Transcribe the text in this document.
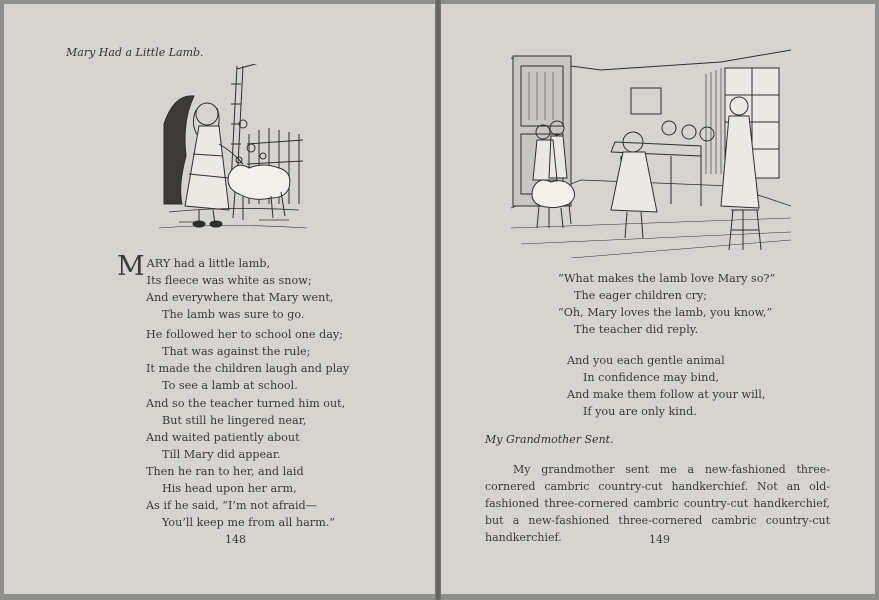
Mary Had a Little Lamb.
M ARY had a little lamb,
Its fleece was white as snow;
And everywhere that Mary went,
The lamb was sure to go.
He followed her to school one day;
That was against the rule;
It made the children laugh and play
To see a lamb at school.
And so the teacher turned him out,
But still he lingered near,
And waited patiently about
Till Mary did appear.
Then he ran to her, and laid
His head upon her arm,
As if he said, “I’m not afraid—
You’ll keep me from all harm.”
148
“What makes the lamb love Mary so?”
The eager children cry;
“Oh, Mary loves the lamb, you know,”
The teacher did reply.
And you each gentle animal
In confidence may bind,
And make them follow at your will,
If you are only kind.
My Grandmother Sent.
My grandmother sent me a new-fashioned three-cornered cambric country-cut handkerchief. Not an old-fashioned three-cornered cambric country-cut handkerchief, but a new-fashioned three-cornered cambric country-cut handkerchief.	149
